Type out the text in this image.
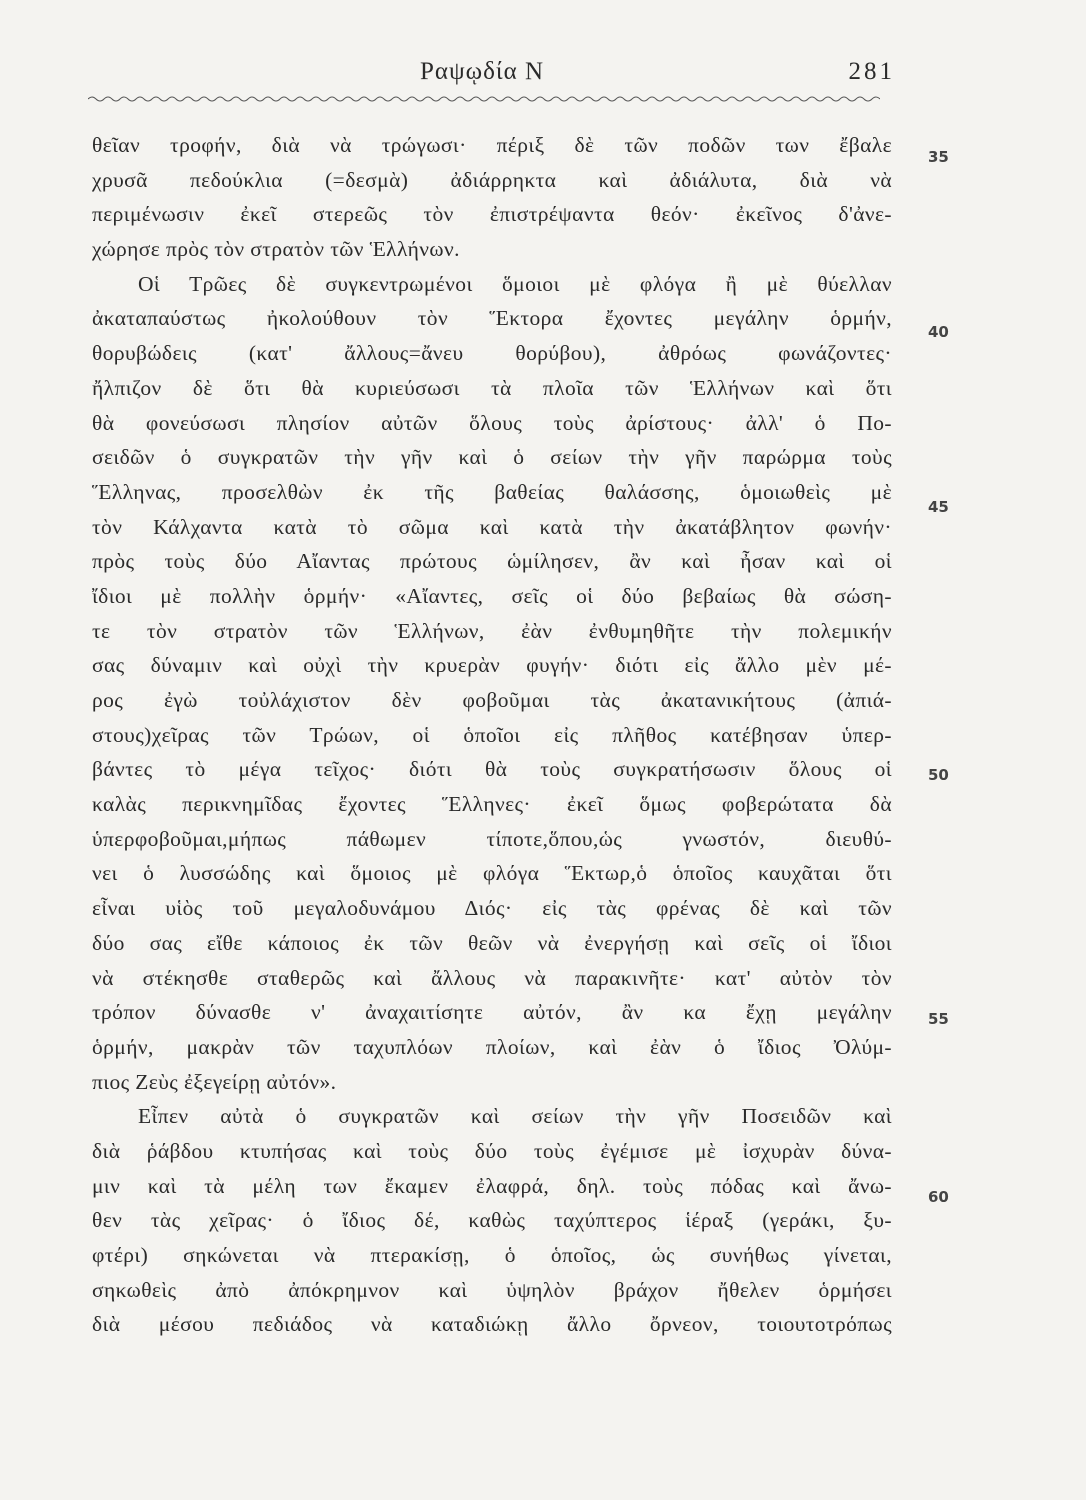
Ραψῳδία Ν	281
θεῖαν τροφήν, διὰ νὰ τρώγωσι· πέριξ δὲ τῶν ποδῶν των ἔβαλε
χρυσᾶ πεδούκλια (=δεσμὰ) ἀδιάρρηκτα καὶ ἀδιάλυτα, διὰ νὰ
περιμένωσιν ἐκεῖ στερεῶς τὸν ἐπιστρέψαντα θεόν· ἐκεῖνος δ'ἀνε-
χώρησε πρὸς τὸν στρατὸν τῶν Ἑλλήνων.
Οἱ Τρῶες δὲ συγκεντρωμένοι ὅμοιοι μὲ φλόγα ἢ μὲ θύελλαν
ἀκαταπαύστως ἠκολούθουν τὸν Ἕκτορα ἔχοντες μεγάλην ὁρμήν,
θορυβώδεις (κατ' ἄλλους=ἄνευ θορύβου), ἀθρόως φωνάζοντες·
ἤλπιζον δὲ ὅτι θὰ κυριεύσωσι τὰ πλοῖα τῶν Ἑλλήνων καὶ ὅτι
θὰ φονεύσωσι πλησίον αὐτῶν ὅλους τοὺς ἀρίστους· ἀλλ' ὁ Πο-
σειδῶν ὁ συγκρατῶν τὴν γῆν καὶ ὁ σείων τὴν γῆν παρώρμα τοὺς
Ἕλληνας, προσελθὼν ἐκ τῆς βαθείας θαλάσσης, ὁμοιωθεὶς μὲ
τὸν Κάλχαντα κατὰ τὸ σῶμα καὶ κατὰ τὴν ἀκατάβλητον φωνήν·
πρὸς τοὺς δύο Αἴαντας πρώτους ὡμίλησεν, ἂν καὶ ἦσαν καὶ οἱ
ἴδιοι μὲ πολλὴν ὁρμήν· «Αἴαντες, σεῖς οἱ δύο βεβαίως θὰ σώση-
τε τὸν στρατὸν τῶν Ἑλλήνων, ἐὰν ἐνθυμηθῆτε τὴν πολεμικήν
σας δύναμιν καὶ οὐχὶ τὴν κρυερὰν φυγήν· διότι εἰς ἄλλο μὲν μέ-
ρος ἐγὼ τοὐλάχιστον δὲν φοβοῦμαι τὰς ἀκατανικήτους (ἀπιά-
στους)χεῖρας τῶν Τρώων, οἱ ὁποῖοι εἰς πλῆθος κατέβησαν ὑπερ-
βάντες τὸ μέγα τεῖχος· διότι θὰ τοὺς συγκρατήσωσιν ὅλους οἱ
καλὰς περικνημῖδας ἔχοντες Ἕλληνες· ἐκεῖ ὅμως φοβερώτατα δὰ
ὑπερφοβοῦμαι,μήπως πάθωμεν τίποτε,ὅπου,ὡς γνωστόν, διευθύ-
νει ὁ λυσσώδης καὶ ὅμοιος μὲ φλόγα Ἕκτωρ,ὁ ὁποῖος καυχᾶται ὅτι
εἶναι υἱὸς τοῦ μεγαλοδυνάμου Διός· εἰς τὰς φρένας δὲ καὶ τῶν
δύο σας εἴθε κάποιος ἐκ τῶν θεῶν νὰ ἐνεργήσῃ καὶ σεῖς οἱ ἴδιοι
νὰ στέκησθε σταθερῶς καὶ ἄλλους νὰ παρακινῆτε· κατ' αὐτὸν τὸν
τρόπον δύνασθε ν' ἀναχαιτίσητε αὐτόν, ἂν κα ἔχῃ μεγάλην
ὁρμήν, μακρὰν τῶν ταχυπλόων πλοίων, καὶ ἐὰν ὁ ἴδιος Ὀλύμ-
πιος Ζεὺς ἐξεγείρῃ αὐτόν».
Εἶπεν αὐτὰ ὁ συγκρατῶν καὶ σείων τὴν γῆν Ποσειδῶν καὶ
διὰ ῥάβδου κτυπήσας καὶ τοὺς δύο τοὺς ἐγέμισε μὲ ἰσχυρὰν δύνα-
μιν καὶ τὰ μέλη των ἔκαμεν ἐλαφρά, δηλ. τοὺς πόδας καὶ ἄνω-
θεν τὰς χεῖρας· ὁ ἴδιος δέ, καθὼς ταχύπτερος ἱέραξ (γεράκι, ξυ-
φτέρι) σηκώνεται νὰ πτερακίσῃ, ὁ ὁποῖος, ὡς συνήθως γίνεται,
σηκωθεὶς ἀπὸ ἀπόκρημνον καὶ ὑψηλὸν βράχον ἤθελεν ὁρμήσει
διὰ μέσου πεδιάδος νὰ καταδιώκῃ ἄλλο ὄρνεον, τοιουτοτρόπως
35
40
45
50
55
60
